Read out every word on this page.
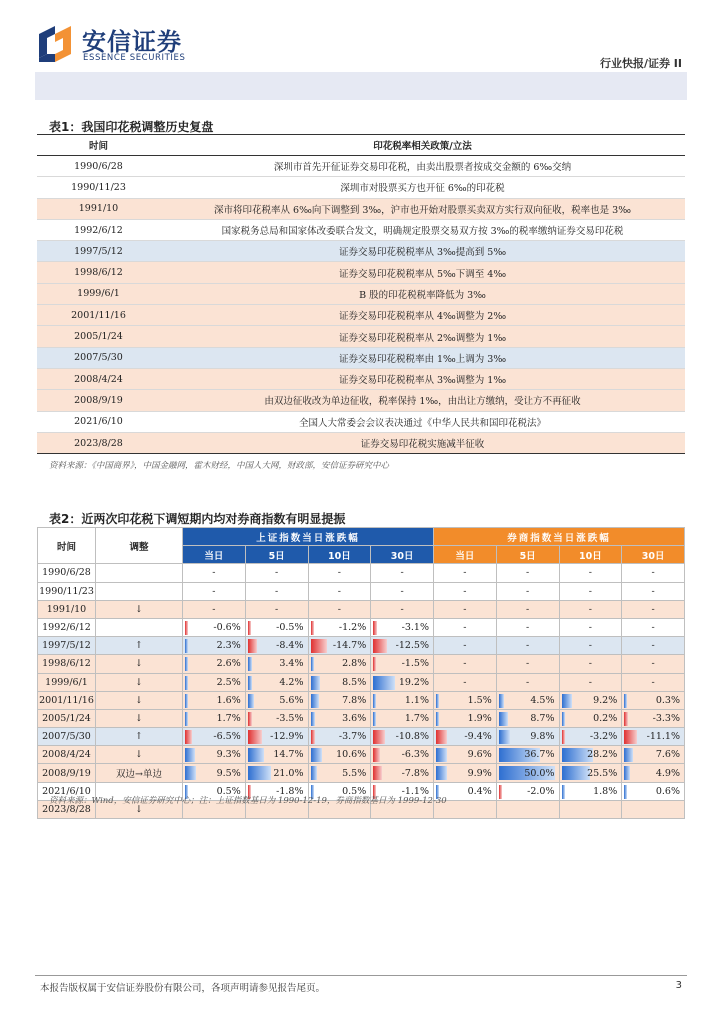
安信证券
ESSENCE SECURITIES	行业快报/证券 II
表1：我国印花税调整历史复盘
时间	印花税率相关政策/立法
1990/6/28	深圳市首先开征证券交易印花税，由卖出股票者按成交金额的 6‰交纳
1990/11/23	深圳市对股票买方也开征 6‰的印花税
1991/10	深市将印花税率从 6‰向下调整到 3‰，沪市也开始对股票买卖双方实行双向征收，税率也是 3‰
1992/6/12	国家税务总局和国家体改委联合发文，明确规定股票交易双方按 3‰的税率缴纳证券交易印花税
1997/5/12	证券交易印花税税率从 3‰提高到 5‰
1998/6/12	证券交易印花税税率从 5‰下调至 4‰
1999/6/1	B 股的印花税税率降低为 3‰
2001/11/16	证券交易印花税税率从 4‰调整为 2‰
2005/1/24	证券交易印花税税率从 2‰调整为 1‰
2007/5/30	证券交易印花税税率由 1‰上调为 3‰
2008/4/24	证券交易印花税税率从 3‰调整为 1‰
2008/9/19	由双边征收改为单边征收，税率保持 1‰，由出让方缴纳，受让方不再征收
2021/6/10	全国人大常委会会议表决通过《中华人民共和国印花税法》
2023/8/28	证券交易印花税实施减半征收
资料来源：《中国商界》，中国金融网，霍木财经，中国人大网，财政部，安信证券研究中心
表2：近两次印花税下调短期内均对券商指数有明显提振
时间	调整	上证指数当日涨跌幅				券商指数当日涨跌幅			
		当日	5日	10日	30日	当日	5日	10日	30日
1990/6/28		-	-	-	-	-	-	-	-
1990/11/23		-	-	-	-	-	-	-	-
1991/10	↓	-	-	-	-	-	-	-	-
1992/6/12		-0.6%	-0.5%	-1.2%	-3.1%	-	-	-	-
1997/5/12	↑	2.3%	-8.4%	-14.7%	-12.5%	-	-	-	-
1998/6/12	↓	2.6%	3.4%	2.8%	-1.5%	-	-	-	-
1999/6/1	↓	2.5%	4.2%	8.5%	19.2%	-	-	-	-
2001/11/16	↓	1.6%	5.6%	7.8%	1.1%	1.5%	4.5%	9.2%	0.3%
2005/1/24	↓	1.7%	-3.5%	3.6%	1.7%	1.9%	8.7%	0.2%	-3.3%
2007/5/30	↑	-6.5%	-12.9%	-3.7%	-10.8%	-9.4%	9.8%	-3.2%	-11.1%
2008/4/24	↓	9.3%	14.7%	10.6%	-6.3%	9.6%	36.7%	28.2%	7.6%
2008/9/19	双边→单边	9.5%	21.0%	5.5%	-7.8%	9.9%	50.0%	25.5%	4.9%
2021/6/10		0.5%	-1.8%	0.5%	-1.1%	0.4%	-2.0%	1.8%	0.6%
2023/8/28	↓								
资料来源：Wind，安信证券研究中心；注：上证指数基日为 1990-12-19，券商指数基日为 1999-12-30
本报告版权属于安信证券股份有限公司，各项声明请参见报告尾页。	3
